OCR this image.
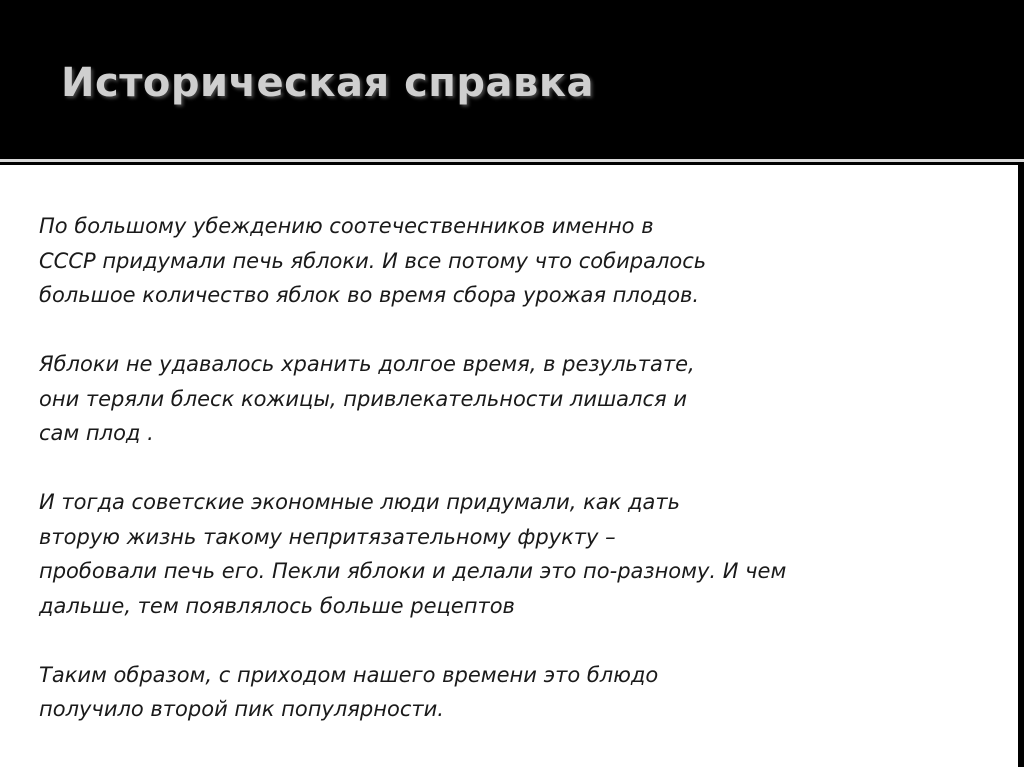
Историческая справка

По большому убеждению соотечественников именно в
СССР придумали печь яблоки. И все потому что собиралось
большое количество яблок во время сбора урожая плодов.

Яблоки не удавалось хранить долгое время, в результате,
они теряли блеск кожицы, привлекательности лишался и
сам плод .

И тогда советские экономные люди придумали, как дать
вторую жизнь такому непритязательному фрукту –
пробовали печь его. Пекли яблоки и делали это по-разному. И чем
дальше, тем появлялось больше рецептов

Таким образом, с приходом нашего времени это блюдо
получило второй пик популярности.
